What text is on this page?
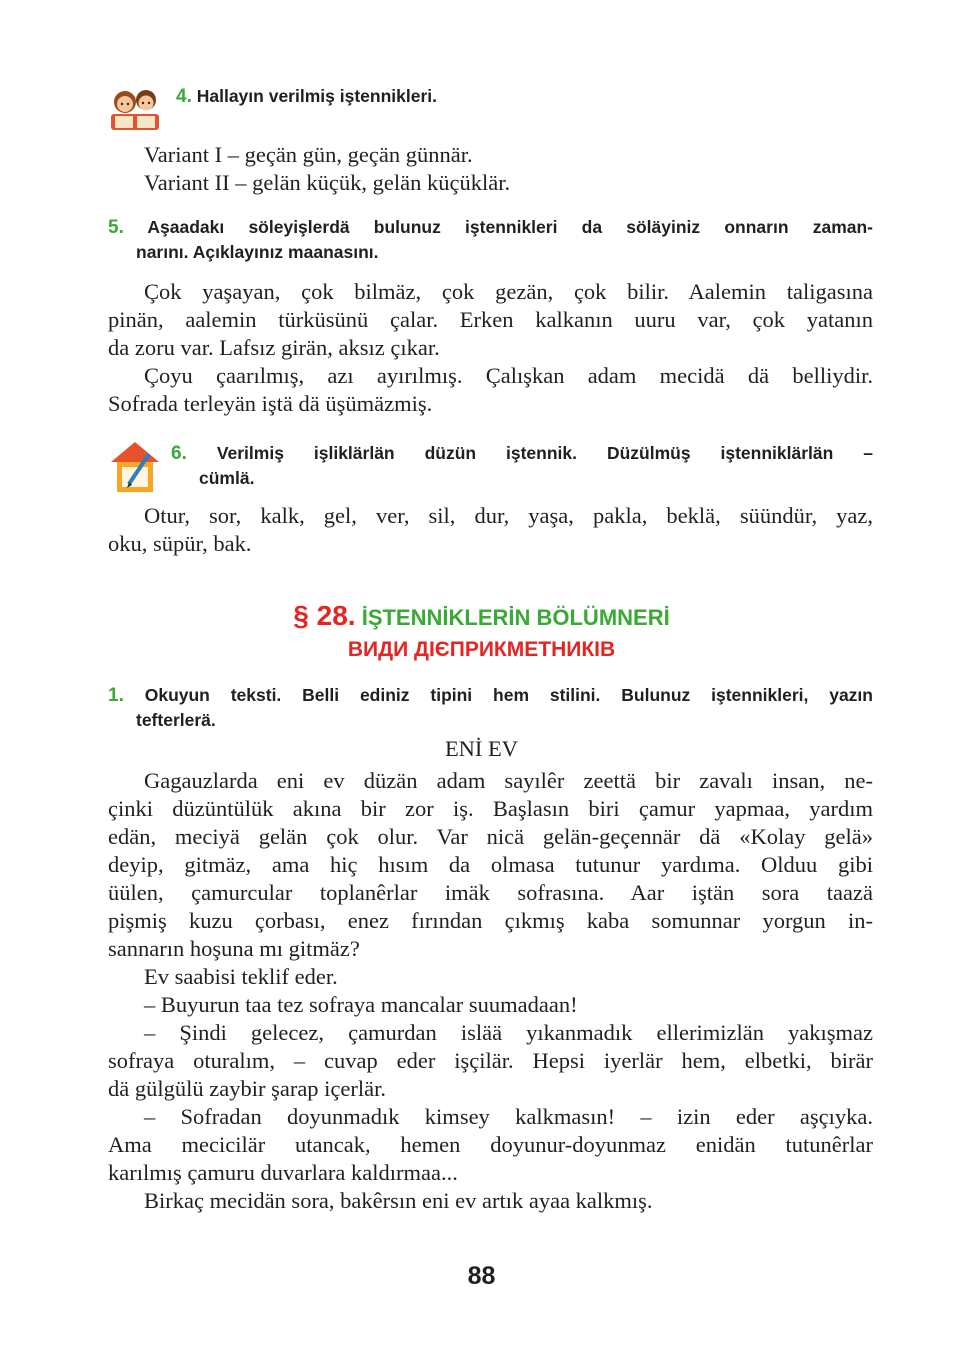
4. Hallayın verilmiş iştennikleri.
Variant I – geçän gün, geçän günnär.
Variant II – gelän küçük, gelän küçüklär.
5. Aşaadakı söleyişlerdä bulunuz iştennikleri da söläyiniz onnarın zaman-
narını. Açıklayınız maanasını.
Çok yaşayan, çok bilmäz, çok gezän, çok bilir. Aalemin taligasına
pinän, aalemin türküsünü çalar. Erken kalkanın uuru var, çok yatanın
da zoru var. Lafsız girän, aksız çıkar.
Çoyu çaarılmış, azı ayırılmış. Çalışkan adam mecidä dä belliydir.
Sofrada terleyän iştä dä üşümäzmiş.
6. Verilmiş işliklärlän düzün iştennik. Düzülmüş iştenniklärlän –
cümlä.
Otur, sor, kalk, gel, ver, sil, dur, yaşa, pakla, beklä, süündür, yaz,
oku, süpür, bak.
§ 28. İŞTENNİKLERİN BÖLÜMNERİ
ВИДИ ДІЄПРИКМЕТНИКІВ
1. Okuyun teksti. Belli ediniz tipini hem stilini. Bulunuz iştennikleri, yazın
tefterlerä.
ENİ EV
Gagauzlarda eni ev düzän adam sayılêr zeettä bir zavalı insan, ne-
çinki düzüntülük akına bir zor iş. Başlasın biri çamur yapmaa, yardım
edän, meciyä gelän çok olur. Var nicä gelän-geçennär dä «Kolay gelä»
deyip, gitmäz, ama hiç hısım da olmasa tutunur yardıma. Olduu gibi
üülen, çamurcular toplanêrlar imäk sofrasına. Aar iştän sora taazä
pişmiş kuzu çorbası, enez fırından çıkmış kaba somunnar yorgun in-
sannarın hoşuna mı gitmäz?
Ev saabisi teklif eder.
– Buyurun taa tez sofraya mancalar suumadaan!
– Şindi gelecez, çamurdan islää yıkanmadık ellerimizlän yakışmaz
sofraya oturalım, – cuvap eder işçilär. Hepsi iyerlär hem, elbetki, birär
dä gülgülü zaybir şarap içerlär.
– Sofradan doyunmadık kimsey kalkmasın! – izin eder aşçıyka.
Ama mecicilär utancak, hemen doyunur-doyunmaz enidän tutunêrlar
karılmış çamuru duvarlara kaldırmaa...
Birkaç mecidän sora, bakêrsın eni ev artık ayaa kalkmış.
88
